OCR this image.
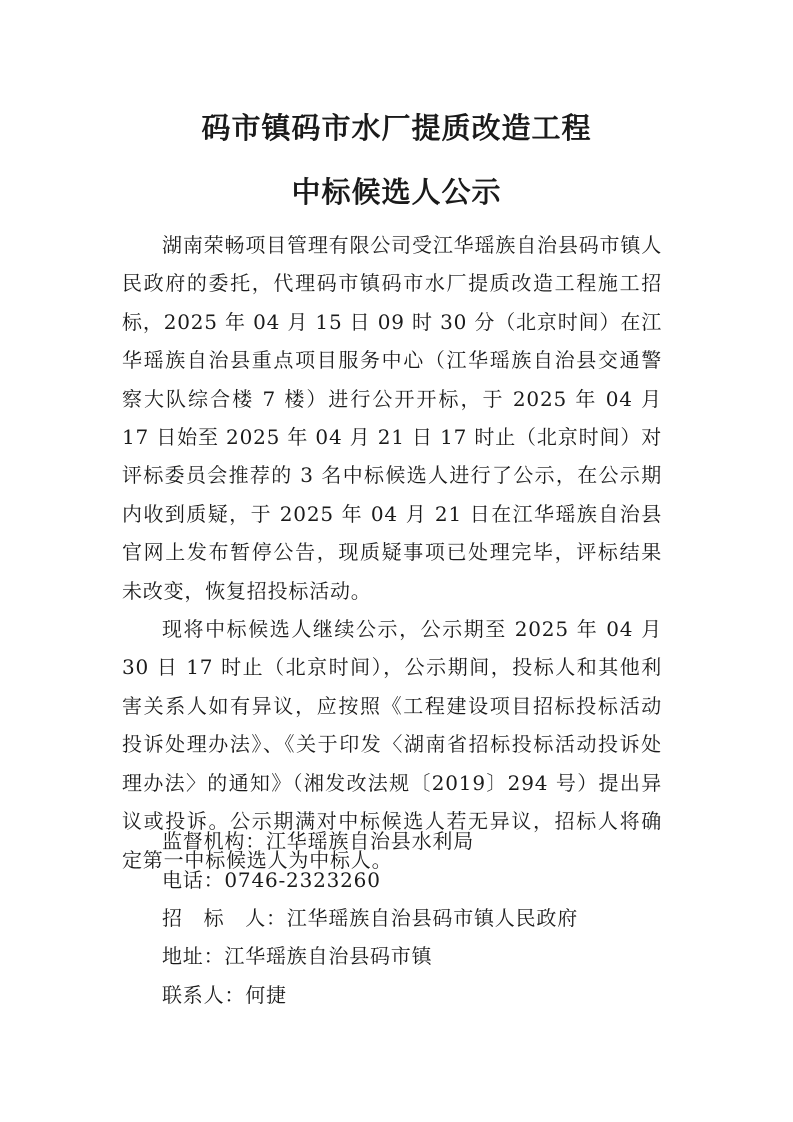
码市镇码市水厂提质改造工程
中标候选人公示

湖南荣畅项目管理有限公司受江华瑶族自治县码市镇人民政府的委托，代理码市镇码市水厂提质改造工程施工招标，2025 年 04 月 15 日 09 时 30 分（北京时间）在江华瑶族自治县重点项目服务中心（江华瑶族自治县交通警察大队综合楼 7 楼）进行公开开标，于 2025 年 04 月 17 日始至 2025 年 04 月 21 日 17 时止（北京时间）对评标委员会推荐的 3 名中标候选人进行了公示，在公示期内收到质疑，于 2025 年 04 月 21 日在江华瑶族自治县官网上发布暂停公告，现质疑事项已处理完毕，评标结果未改变，恢复招投标活动。

现将中标候选人继续公示，公示期至 2025 年 04 月 30 日 17 时止（北京时间），公示期间，投标人和其他利害关系人如有异议，应按照《工程建设项目招标投标活动投诉处理办法》、《关于印发〈湖南省招标投标活动投诉处理办法〉的通知》（湘发改法规〔2019〕294 号）提出异议或投诉。公示期满对中标候选人若无异议，招标人将确定第一中标候选人为中标人。

监督机构：江华瑶族自治县水利局
电话：0746-2323260
招　标　人：江华瑶族自治县码市镇人民政府
地址：江华瑶族自治县码市镇
联系人：何捷
